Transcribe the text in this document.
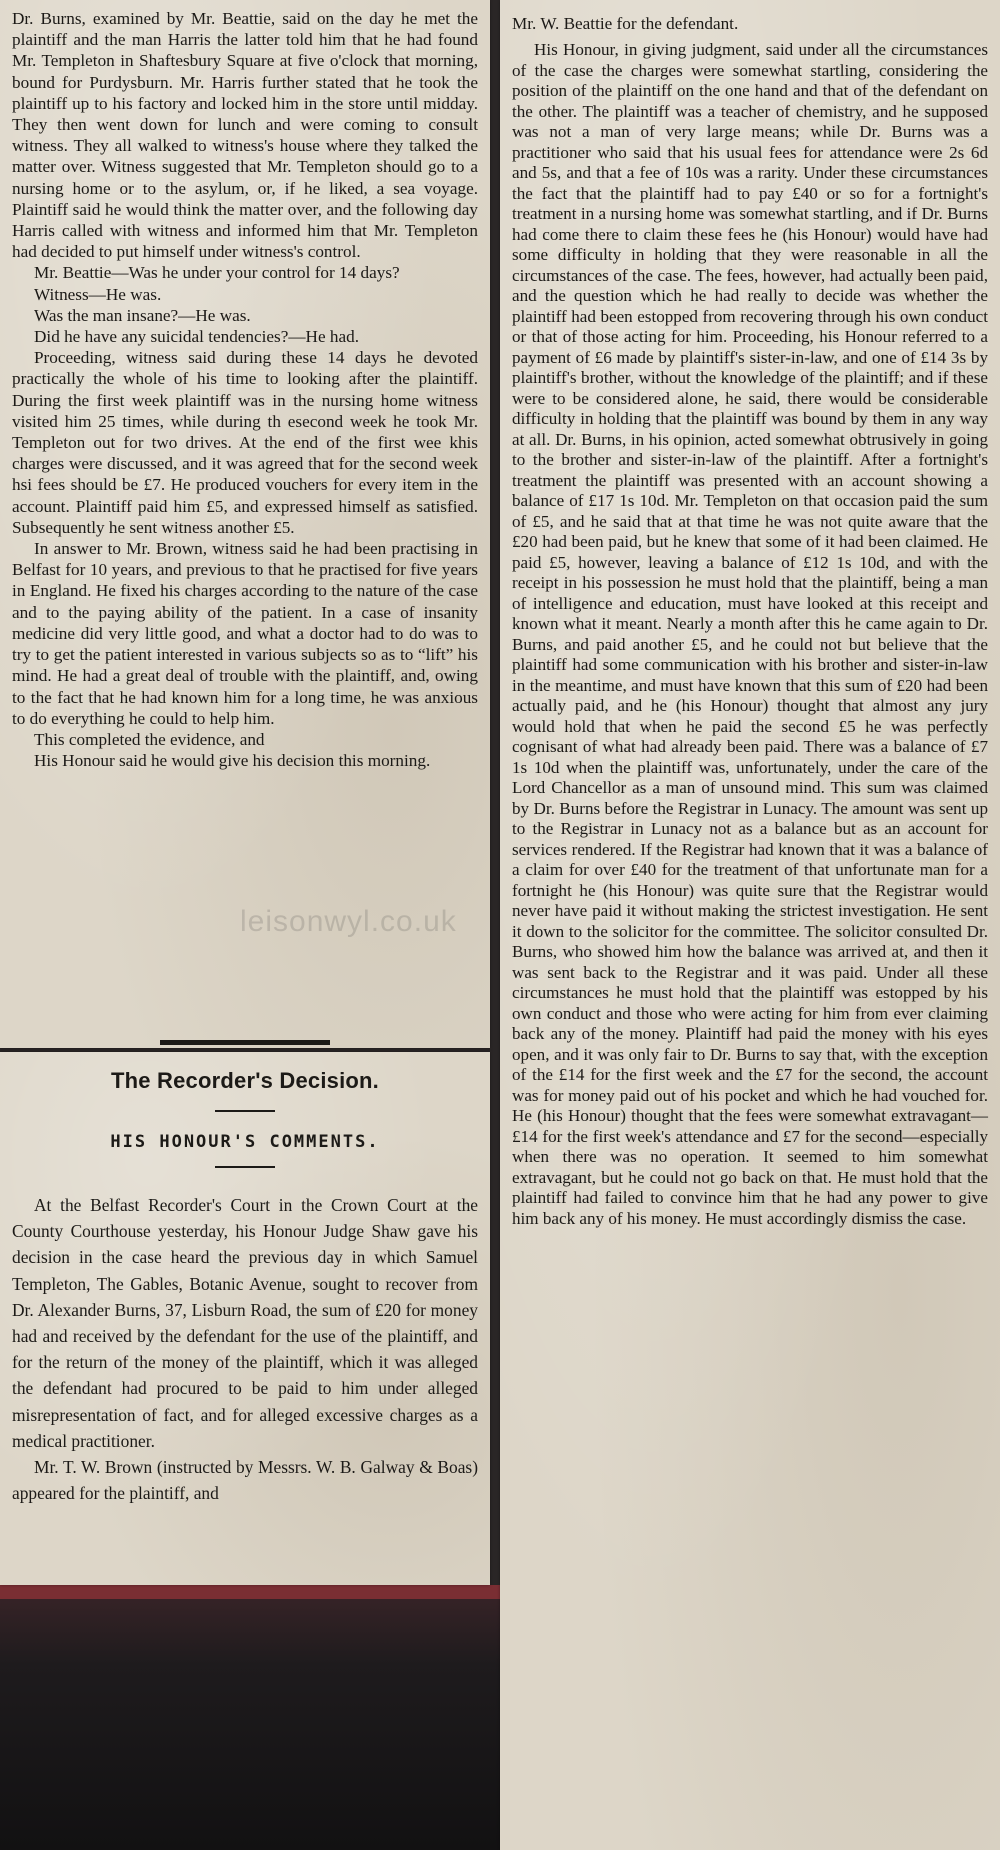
Dr. Burns, examined by Mr. Beattie, said on the day he met the plaintiff and the man Harris the latter told him that he had found Mr. Templeton in Shaftesbury Square at five o'clock that morning, bound for Purdysburn. Mr. Harris further stated that he took the plaintiff up to his factory and locked him in the store until midday. They then went down for lunch and were coming to consult witness. They all walked to witness's house where they talked the matter over. Witness suggested that Mr. Templeton should go to a nursing home or to the asylum, or, if he liked, a sea voyage. Plaintiff said he would think the matter over, and the following day Harris called with witness and informed him that Mr. Templeton had decided to put himself under witness's control.

Mr. Beattie—Was he under your control for 14 days?

Witness—He was.

Was the man insane?—He was.

Did he have any suicidal tendencies?—He had.

Proceeding, witness said during these 14 days he devoted practically the whole of his time to looking after the plaintiff. During the first week plaintiff was in the nursing home witness visited him 25 times, while during th esecond week he took Mr. Templeton out for two drives. At the end of the first wee khis charges were discussed, and it was agreed that for the second week hsi fees should be £7. He produced vouchers for every item in the account. Plaintiff paid him £5, and expressed himself as satisfied. Subsequently he sent witness another £5.

In answer to Mr. Brown, witness said he had been practising in Belfast for 10 years, and previous to that he practised for five years in England. He fixed his charges according to the nature of the case and to the paying ability of the patient. In a case of insanity medicine did very little good, and what a doctor had to do was to try to get the patient interested in various subjects so as to “lift” his mind. He had a great deal of trouble with the plaintiff, and, owing to the fact that he had known him for a long time, he was anxious to do everything he could to help him.

This completed the evidence, and

His Honour said he would give his decision this morning.

leisonwyl.co.uk
The Recorder's Decision.
HIS HONOUR'S COMMENTS.

At the Belfast Recorder's Court in the Crown Court at the County Courthouse yesterday, his Honour Judge Shaw gave his decision in the case heard the previous day in which Samuel Templeton, The Gables, Botanic Avenue, sought to recover from Dr. Alexander Burns, 37, Lisburn Road, the sum of £20 for money had and received by the defendant for the use of the plaintiff, and for the return of the money of the plaintiff, which it was alleged the defendant had procured to be paid to him under alleged misrepresentation of fact, and for alleged excessive charges as a medical practitioner.

Mr. T. W. Brown (instructed by Messrs. W. B. Galway & Boas) appeared for the plaintiff, and

Mr. W. Beattie for the defendant.

His Honour, in giving judgment, said under all the circumstances of the case the charges were somewhat startling, considering the position of the plaintiff on the one hand and that of the defendant on the other. The plaintiff was a teacher of chemistry, and he supposed was not a man of very large means; while Dr. Burns was a practitioner who said that his usual fees for attendance were 2s 6d and 5s, and that a fee of 10s was a rarity. Under these circumstances the fact that the plaintiff had to pay £40 or so for a fortnight's treatment in a nursing home was somewhat startling, and if Dr. Burns had come there to claim these fees he (his Honour) would have had some difficulty in holding that they were reasonable in all the circumstances of the case. The fees, however, had actually been paid, and the question which he had really to decide was whether the plaintiff had been estopped from recovering through his own conduct or that of those acting for him. Proceeding, his Honour referred to a payment of £6 made by plaintiff's sister-in-law, and one of £14 3s by plaintiff's brother, without the knowledge of the plaintiff; and if these were to be considered alone, he said, there would be considerable difficulty in holding that the plaintiff was bound by them in any way at all. Dr. Burns, in his opinion, acted somewhat obtrusively in going to the brother and sister-in-law of the plaintiff. After a fortnight's treatment the plaintiff was presented with an account showing a balance of £17 1s 10d. Mr. Templeton on that occasion paid the sum of £5, and he said that at that time he was not quite aware that the £20 had been paid, but he knew that some of it had been claimed. He paid £5, however, leaving a balance of £12 1s 10d, and with the receipt in his possession he must hold that the plaintiff, being a man of intelligence and education, must have looked at this receipt and known what it meant. Nearly a month after this he came again to Dr. Burns, and paid another £5, and he could not but believe that the plaintiff had some communication with his brother and sister-in-law in the meantime, and must have known that this sum of £20 had been actually paid, and he (his Honour) thought that almost any jury would hold that when he paid the second £5 he was perfectly cognisant of what had already been paid. There was a balance of £7 1s 10d when the plaintiff was, unfortunately, under the care of the Lord Chancellor as a man of unsound mind. This sum was claimed by Dr. Burns before the Registrar in Lunacy. The amount was sent up to the Registrar in Lunacy not as a balance but as an account for services rendered. If the Registrar had known that it was a balance of a claim for over £40 for the treatment of that unfortunate man for a fortnight he (his Honour) was quite sure that the Registrar would never have paid it without making the strictest investigation. He sent it down to the solicitor for the committee. The solicitor consulted Dr. Burns, who showed him how the balance was arrived at, and then it was sent back to the Registrar and it was paid. Under all these circumstances he must hold that the plaintiff was estopped by his own conduct and those who were acting for him from ever claiming back any of the money. Plaintiff had paid the money with his eyes open, and it was only fair to Dr. Burns to say that, with the exception of the £14 for the first week and the £7 for the second, the account was for money paid out of his pocket and which he had vouched for. He (his Honour) thought that the fees were somewhat extravagant—£14 for the first week's attendance and £7 for the second—especially when there was no operation. It seemed to him somewhat extravagant, but he could not go back on that. He must hold that the plaintiff had failed to convince him that he had any power to give him back any of his money. He must accordingly dismiss the case.
